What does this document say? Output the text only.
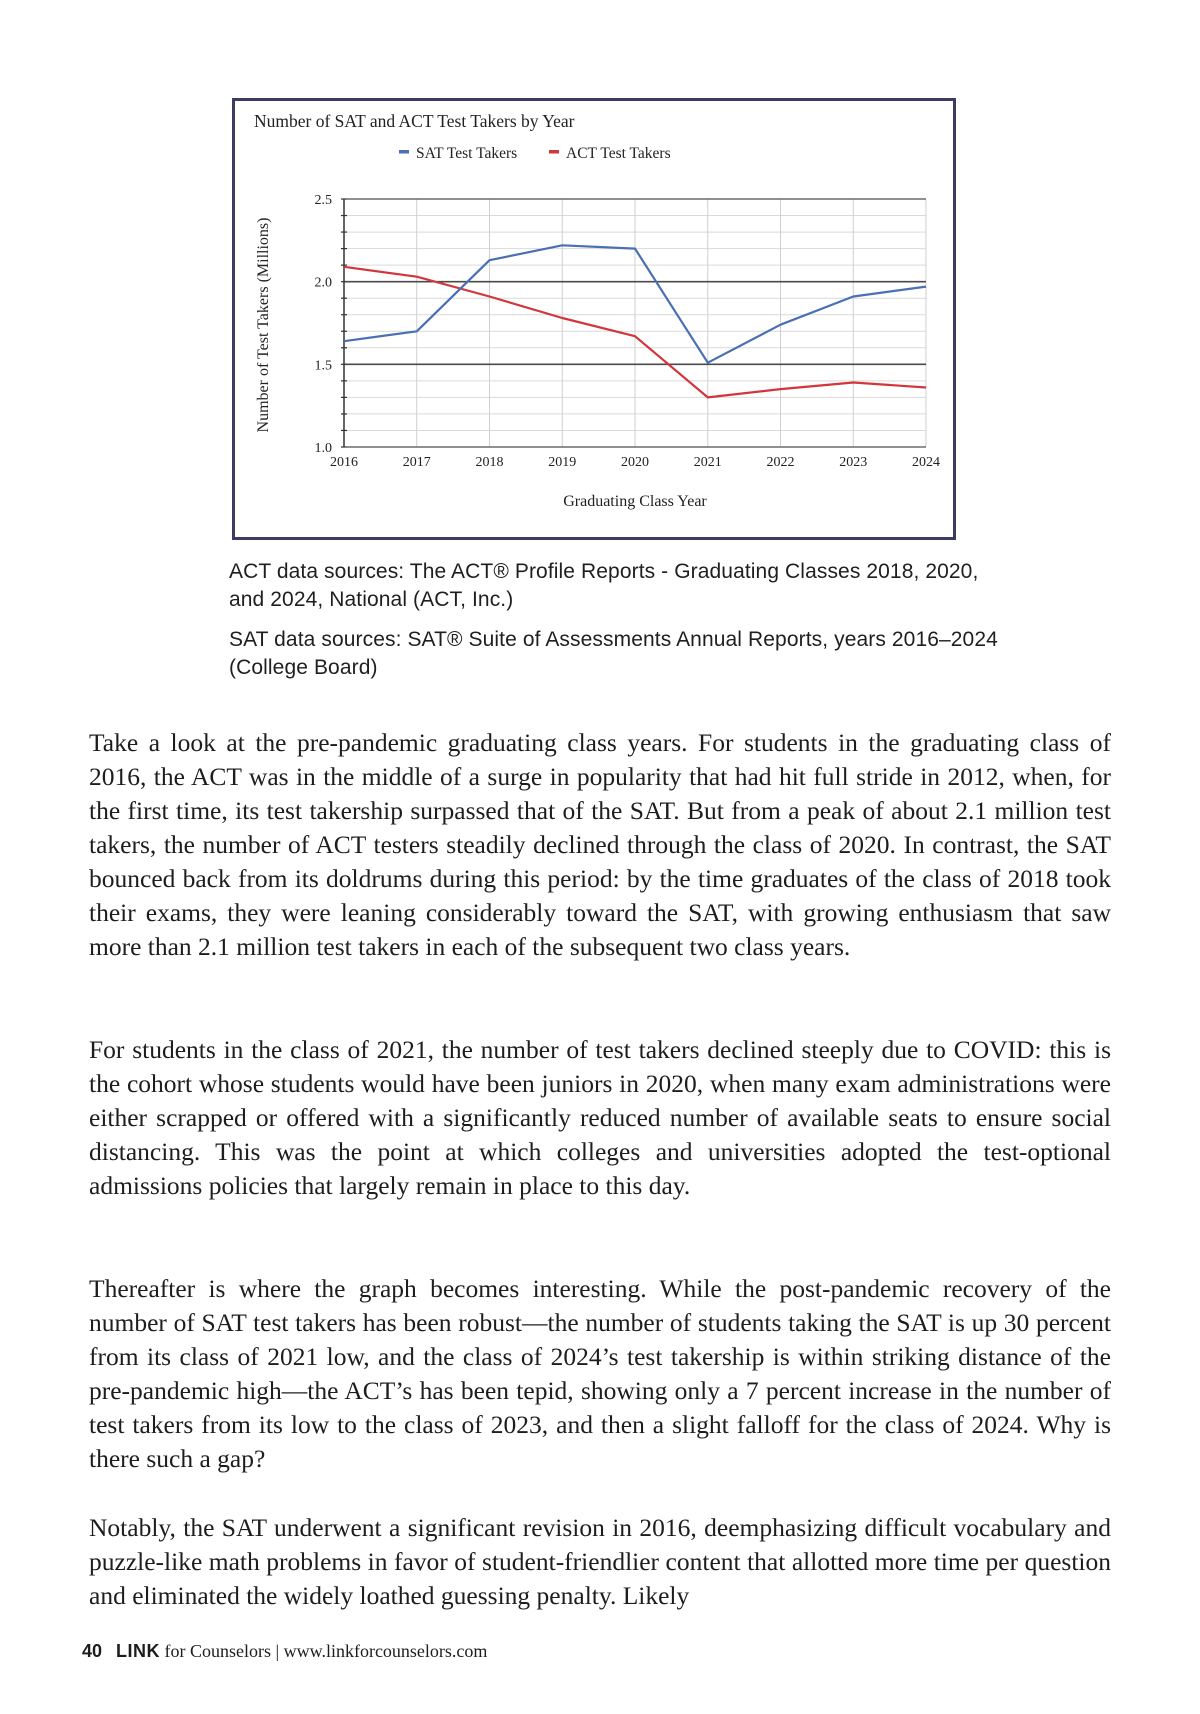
Number of SAT and ACT Test Takers by Year
SAT Test Takers	ACT Test Takers
2.5
2.0
1.5
1.0
2016	2017	2018	2019	2020	2021	2022	2023	2024
Number of Test Takers (Millions)
Graduating Class Year
ACT data sources: The ACT® Profile Reports - Graduating Classes 2018, 2020, and 2024, National (ACT, Inc.)
SAT data sources: SAT® Suite of Assessments Annual Reports, years 2016–2024 (College Board)

Take a look at the pre-pandemic graduating class years. For students in the graduating class of 2016, the ACT was in the middle of a surge in popularity that had hit full stride in 2012, when, for the first time, its test takership surpassed that of the SAT. But from a peak of about 2.1 million test takers, the number of ACT testers steadily declined through the class of 2020. In contrast, the SAT bounced back from its doldrums during this period: by the time graduates of the class of 2018 took their exams, they were leaning considerably toward the SAT, with growing enthusiasm that saw more than 2.1 million test takers in each of the subsequent two class years.

For students in the class of 2021, the number of test takers declined steeply due to COVID: this is the cohort whose students would have been juniors in 2020, when many exam administrations were either scrapped or offered with a significantly reduced number of available seats to ensure social distancing. This was the point at which colleges and universities adopted the test-optional admissions policies that largely remain in place to this day.

Thereafter is where the graph becomes interesting. While the post-pandemic recovery of the number of SAT test takers has been robust—the number of students taking the SAT is up 30 percent from its class of 2021 low, and the class of 2024’s test takership is within striking distance of the pre-pandemic high—the ACT’s has been tepid, showing only a 7 percent increase in the number of test takers from its low to the class of 2023, and then a slight falloff for the class of 2024. Why is there such a gap?

Notably, the SAT underwent a significant revision in 2016, deemphasizing difficult vocabulary and puzzle-like math problems in favor of student-friendlier content that allotted more time per question and eliminated the widely loathed guessing penalty. Likely

40 LINK for Counselors | www.linkforcounselors.com
